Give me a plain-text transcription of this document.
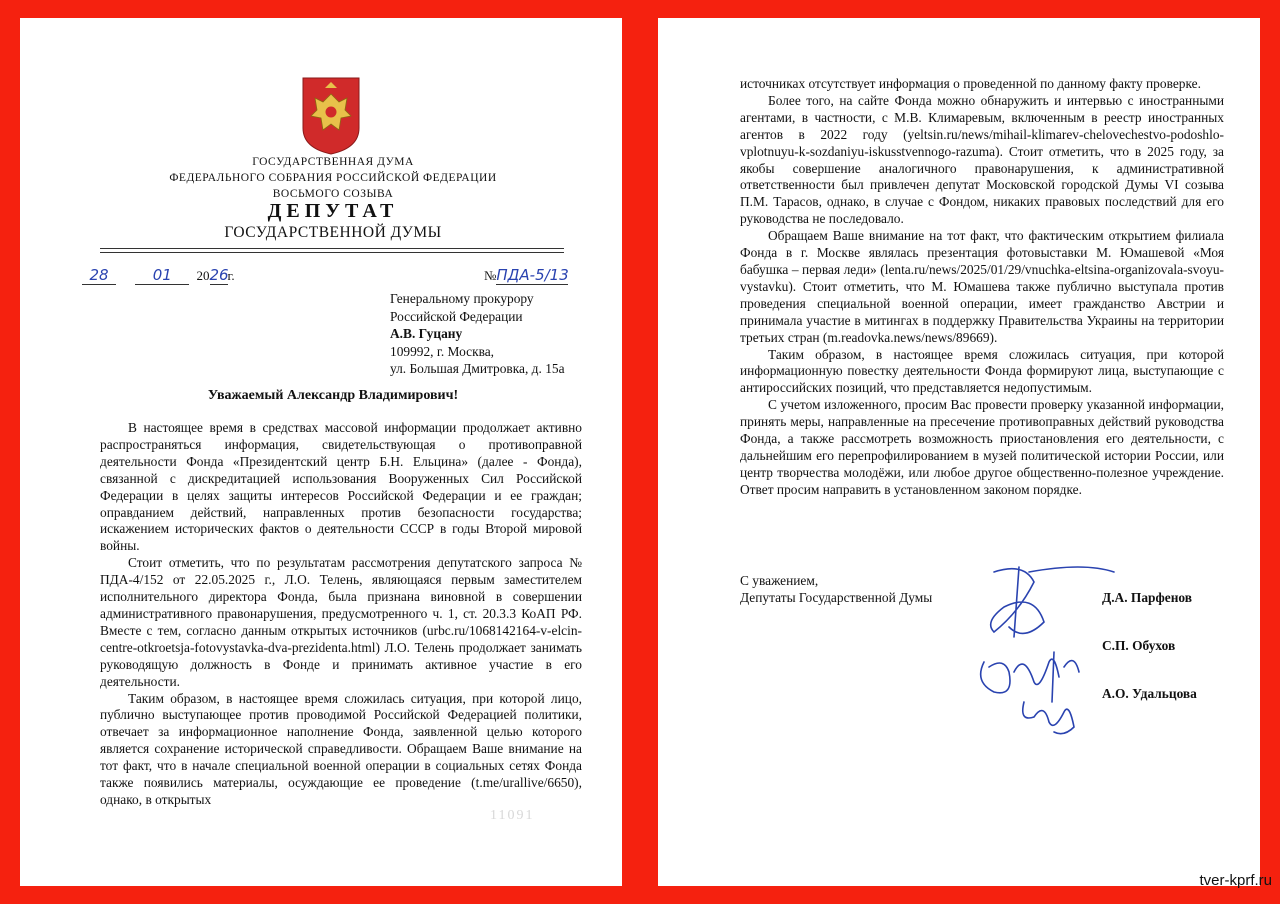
ГОСУДАРСТВЕННАЯ ДУМА
ФЕДЕРАЛЬНОГО СОБРАНИЯ РОССИЙСКОЙ ФЕДЕРАЦИИ
ВОСЬМОГО СОЗЫВА
ДЕПУТАТ
ГОСУДАРСТВЕННОЙ ДУМЫ
28	01 2026г.	№ПДА-5/13
Генеральному прокурору
Российской Федерации
А.В. Гуцану
109992, г. Москва,
ул. Большая Дмитровка, д. 15а
Уважаемый Александр Владимирович!

В настоящее время в средствах массовой информации продолжает активно распространяться информация, свидетельствующая о противоправной деятельности Фонда «Президентский центр Б.Н. Ельцина» (далее - Фонда), связанной с дискредитацией использования Вооруженных Сил Российской Федерации в целях защиты интересов Российской Федерации и ее граждан; оправданием действий, направленных против безопасности государства; искажением исторических фактов о деятельности СССР в годы Второй мировой войны.

Стоит отметить, что по результатам рассмотрения депутатского запроса № ПДА-4/152 от 22.05.2025 г., Л.О. Телень, являющаяся первым заместителем исполнительного директора Фонда, была признана виновной в совершении административного правонарушения, предусмотренного ч. 1, ст. 20.3.3 КоАП РФ. Вместе с тем, согласно данным открытых источников (urbc.ru/1068142164-v-elcin-centre-otkroetsja-fotovystavka-dva-prezidenta.html) Л.О. Телень продолжает занимать руководящую должность в Фонде и принимать активное участие в его деятельности.

Таким образом, в настоящее время сложилась ситуация, при которой лицо, публично выступающее против проводимой Российской Федерацией политики, отвечает за информационное наполнение Фонда, заявленной целью которого является сохранение исторической справедливости. Обращаем Ваше внимание на тот факт, что в начале специальной военной операции в социальных сетях Фонда также появились материалы, осуждающие ее проведение (t.me/urallive/6650), однако, в открытых

11091

источниках отсутствует информация о проведенной по данному факту проверке.

Более того, на сайте Фонда можно обнаружить и интервью с иностранными агентами, в частности, с М.В. Климаревым, включенным в реестр иностранных агентов в 2022 году (yeltsin.ru/news/mihail-klimarev-chelovechestvo-podoshlo-vplotnuyu-k-sozdaniyu-iskusstvennogo-razuma). Стоит отметить, что в 2025 году, за якобы совершение аналогичного правонарушения, к административной ответственности был привлечен депутат Московской городской Думы VI созыва П.М. Тарасов, однако, в случае с Фондом, никаких правовых последствий для его руководства не последовало.

Обращаем Ваше внимание на тот факт, что фактическим открытием филиала Фонда в г. Москве являлась презентация фотовыставки М. Юмашевой «Моя бабушка – первая леди» (lenta.ru/news/2025/01/29/vnuchka-eltsina-organizovala-svoyu-vystavku). Стоит отметить, что М. Юмашева также публично выступала против проведения специальной военной операции, имеет гражданство Австрии и принимала участие в митингах в поддержку Правительства Украины на территории третьих стран (m.readovka.news/news/89669).

Таким образом, в настоящее время сложилась ситуация, при которой информационную повестку деятельности Фонда формируют лица, выступающие с антироссийских позиций, что представляется недопустимым.

С учетом изложенного, просим Вас провести проверку указанной информации, принять меры, направленные на пресечение противоправных действий руководства Фонда, а также рассмотреть возможность приостановления его деятельности, с дальнейшим его перепрофилированием в музей политической истории России, или центр творчества молодёжи, или любое другое общественно-полезное учреждение. Ответ просим направить в установленном законом порядке.

С уважением,
Депутаты Государственной Думы	Д.А. Парфенов
С.П. Обухов
А.О. Удальцова
tver-kprf.ru
